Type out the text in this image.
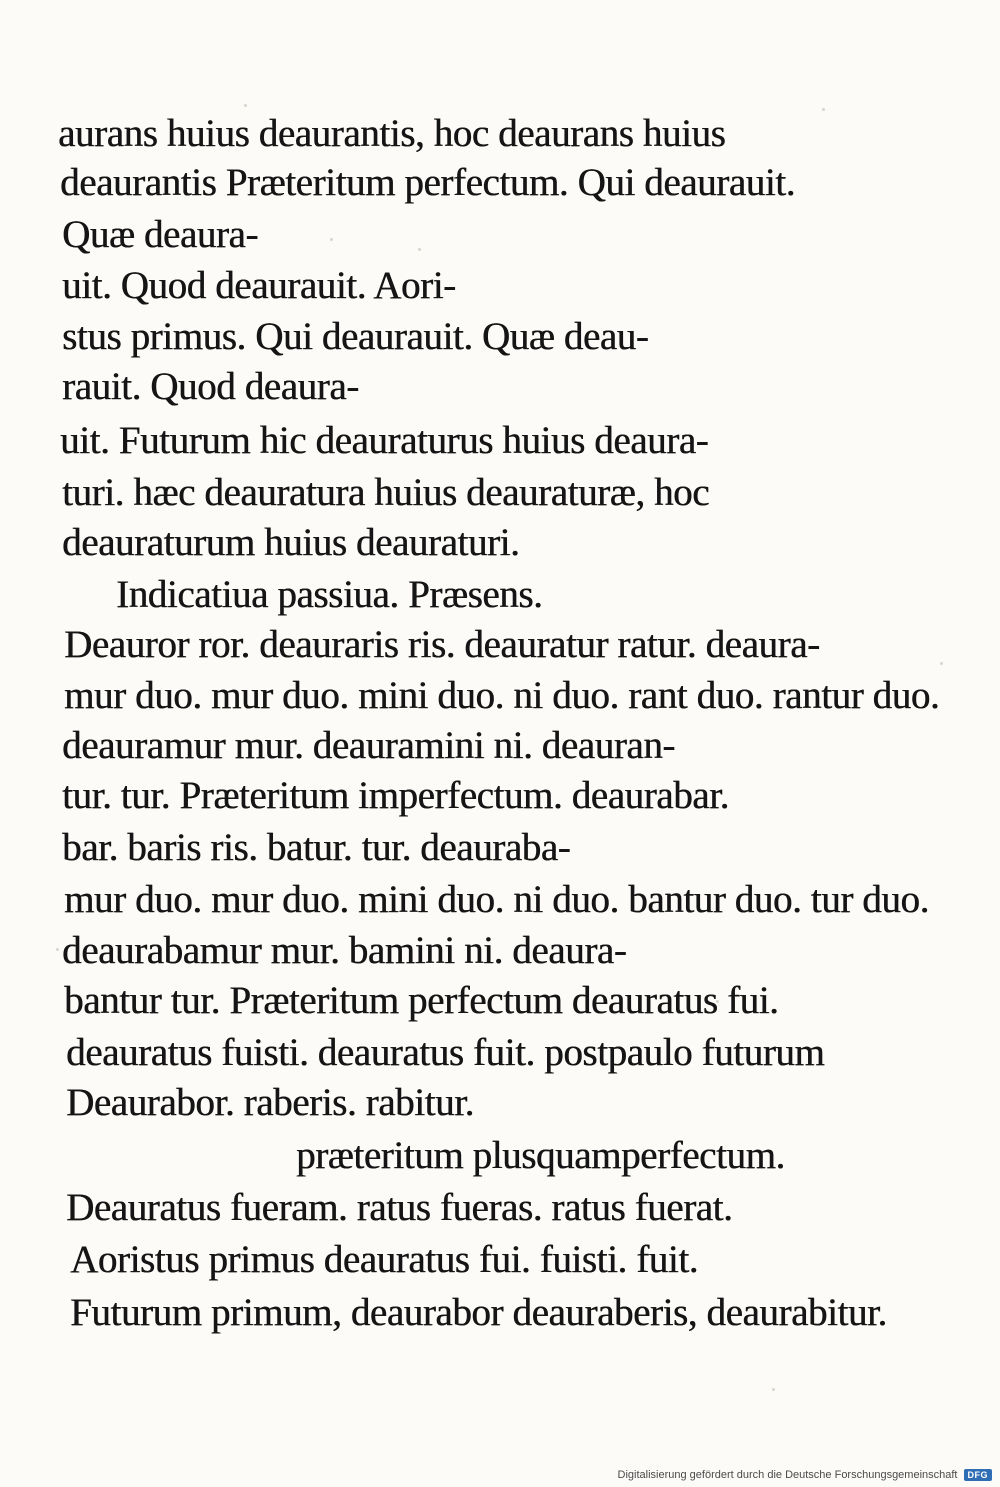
aurans huius deaurantis, hoc deaurans huius
deaurantis Præteritum perfectum. Qui deaurauit.
Quæ deaura-
uit. Quod deaurauit. Aori-
stus primus. Qui deaurauit. Quæ deau-
rauit. Quod deaura-
uit. Futurum hic deauraturus huius deaura-
turi. hæc deauratura huius deauraturæ, hoc
deauraturum huius deauraturi.
Indicatiua passiua. Præsens.
Deauror ror. deauraris ris. deauratur ratur. deaura-
mur duo. mur duo. mini duo. ni duo. rant duo. rantur duo.
deauramur mur. deauramini ni. deauran-
tur. tur. Præteritum imperfectum. deaurabar.
bar. baris ris. batur. tur. deauraba-
mur duo. mur duo. mini duo. ni duo. bantur duo. tur duo.
deaurabamur mur. bamini ni. deaura-
bantur tur. Præteritum perfectum deauratus fui.
deauratus fuisti. deauratus fuit. postpaulo futurum
Deaurabor. raberis. rabitur.
præteritum plusquamperfectum.
Deauratus fueram. ratus fueras. ratus fuerat.
Aoristus primus deauratus fui. fuisti. fuit.
Futurum primum, deaurabor deauraberis, deaurabitur.
Digitalisierung gefördert durch die Deutsche Forschungsgemeinschaft	DFG
